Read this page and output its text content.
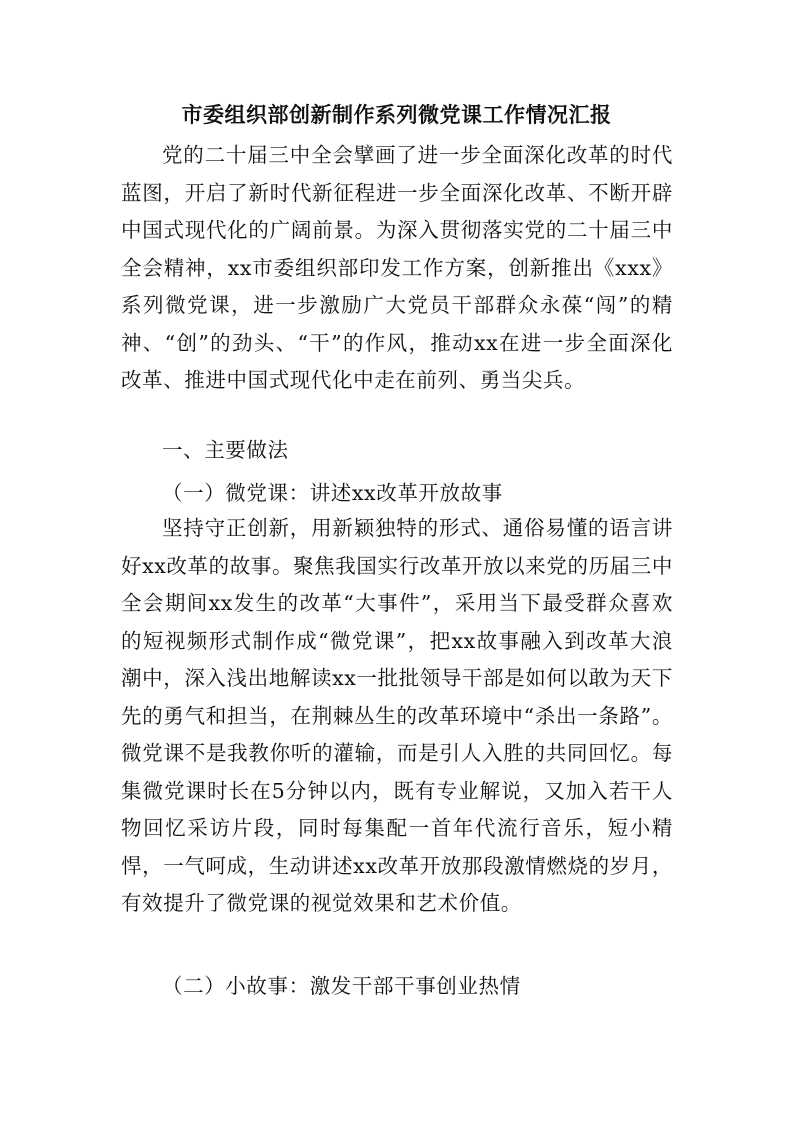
市委组织部创新制作系列微党课工作情况汇报

党的二十届三中全会擘画了进一步全面深化改革的时代蓝图，开启了新时代新征程进一步全面深化改革、不断开辟中国式现代化的广阔前景。为深入贯彻落实党的二十届三中全会精神，xx市委组织部印发工作方案，创新推出《xxx》系列微党课，进一步激励广大党员干部群众永葆“闯”的精神、“创”的劲头、“干”的作风，推动xx在进一步全面深化改革、推进中国式现代化中走在前列、勇当尖兵。

一、主要做法
（一）微党课：讲述xx改革开放故事

坚持守正创新，用新颖独特的形式、通俗易懂的语言讲好xx改革的故事。聚焦我国实行改革开放以来党的历届三中全会期间xx发生的改革“大事件”，采用当下最受群众喜欢的短视频形式制作成“微党课”，把xx故事融入到改革大浪潮中，深入浅出地解读xx一批批领导干部是如何以敢为天下先的勇气和担当，在荆棘丛生的改革环境中“杀出一条路”。微党课不是我教你听的灌输，而是引人入胜的共同回忆。每集微党课时长在5分钟以内，既有专业解说，又加入若干人物回忆采访片段，同时每集配一首年代流行音乐，短小精悍，一气呵成，生动讲述xx改革开放那段激情燃烧的岁月，有效提升了微党课的视觉效果和艺术价值。

（二）小故事：激发干部干事创业热情
